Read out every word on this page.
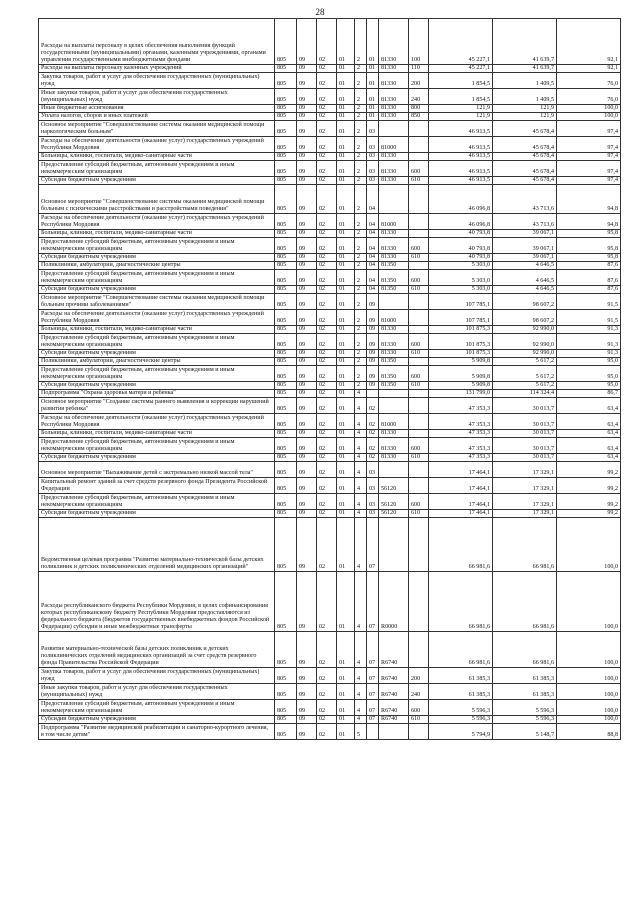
28
Расходы на выплаты персоналу в целях обеспечения выполнения функций государственными (муниципальными) органами, казенными учреждениями, органами управления государственными внебюджетными фондами	805	09	02	01	2	01	81330	100	45 227,1	41 639,7	92,1
Расходы на выплаты персоналу казенных учреждений	805	09	02	01	2	01	81330	110	45 227,1	41 639,7	92,1
Закупка товаров, работ и услуг для обеспечения государственных (муниципальных) нужд	805	09	02	01	2	01	81330	200	1 854,5	1 409,5	76,0
Иные закупки товаров, работ и услуг для обеспечения государственных (муниципальных) нужд	805	09	02	01	2	01	81330	240	1 854,5	1 409,5	76,0
Иные бюджетные ассигнования	805	09	02	01	2	01	81330	800	121,9	121,9	100,0
Уплата налогов, сборов и иных платежей	805	09	02	01	2	01	81330	850	121,9	121,9	100,0
Основное мероприятие "Совершенствование системы оказания медицинской помощи наркологическим больным"	805	09	02	01	2	03			46 913,5	45 678,4	97,4
Расходы на обеспечение деятельности (оказание услуг) государственных учреждений Республики Мордовия	805	09	02	01	2	03	81000		46 913,5	45 678,4	97,4
Больницы, клиники, госпитали, медико-санитарные части	805	09	02	01	2	03	81330		46 913,5	45 678,4	97,4
Предоставление субсидий бюджетным, автономным учреждениям и иным некоммерческим организациям	805	09	02	01	2	03	81330	600	46 913,5	45 678,4	97,4
Субсидии бюджетным учреждениям	805	09	02	01	2	03	81330	610	46 913,5	45 678,4	97,4
Основное мероприятие "Совершенствование системы оказания медицинской помощи больным с психическими расстройствами и расстройствами поведения"	805	09	02	01	2	04			46 096,8	43 713,6	94,8
Расходы на обеспечение деятельности (оказание услуг) государственных учреждений Республики Мордовия	805	09	02	01	2	04	81000		46 096,8	43 713,6	94,8
Больницы, клиники, госпитали, медико-санитарные части	805	09	02	01	2	04	81330		40 793,8	39 067,1	95,8
Предоставление субсидий бюджетным, автономным учреждениям и иным некоммерческим организациям	805	09	02	01	2	04	81330	600	40 793,8	39 067,1	95,8
Субсидии бюджетным учреждениям	805	09	02	01	2	04	81330	610	40 793,8	39 067,1	95,8
Поликлиники, амбулатории, диагностические центры	805	09	02	01	2	04	81350		5 303,0	4 646,5	87,6
Предоставление субсидий бюджетным, автономным учреждениям и иным некоммерческим организациям	805	09	02	01	2	04	81350	600	5 303,0	4 646,5	87,6
Субсидии бюджетным учреждениям	805	09	02	01	2	04	81350	610	5 303,0	4 646,5	87,6
Основное мероприятие "Совершенствование системы оказания медицинской помощи больным прочими заболеваниями"	805	09	02	01	2	09			107 785,1	98 607,2	91,5
Расходы на обеспечение деятельности (оказание услуг) государственных учреждений Республики Мордовия	805	09	02	01	2	09	81000		107 785,1	98 607,2	91,5
Больницы, клиники, госпитали, медико-санитарные части	805	09	02	01	2	09	81330		101 875,3	92 990,0	91,3
Предоставление субсидий бюджетным, автономным учреждениям и иным некоммерческим организациям	805	09	02	01	2	09	81330	600	101 875,3	92 990,0	91,3
Субсидии бюджетным учреждениям	805	09	02	01	2	09	81330	610	101 875,3	92 990,0	91,3
Поликлиники, амбулатории, диагностические центры	805	09	02	01	2	09	81350		5 909,8	5 617,2	95,0
Предоставление субсидий бюджетным, автономным учреждениям и иным некоммерческим организациям	805	09	02	01	2	09	81350	600	5 909,8	5 617,2	95,0
Субсидии бюджетным учреждениям	805	09	02	01	2	09	81350	610	5 909,8	5 617,2	95,0
Подпрограмма "Охрана здоровья матери и ребенка"	805	09	02	01	4				131 799,0	114 324,4	86,7
Основное мероприятие "Создание системы раннего выявления и коррекции нарушений развития ребенка"	805	09	02	01	4	02			47 353,3	30 013,7	63,4
Расходы на обеспечение деятельности (оказание услуг) государственных учреждений Республики Мордовия	805	09	02	01	4	02	81000		47 353,3	30 013,7	63,4
Больницы, клиники, госпитали, медико-санитарные части	805	09	02	01	4	02	81330		47 353,3	30 013,7	63,4
Предоставление субсидий бюджетным, автономным учреждениям и иным некоммерческим организациям	805	09	02	01	4	02	81330	600	47 353,3	30 013,7	63,4
Субсидии бюджетным учреждениям	805	09	02	01	4	02	81330	610	47 353,3	30 013,7	63,4
Основное мероприятие "Выхаживание детей с экстремально низкой массой тела"	805	09	02	01	4	03			17 464,1	17 329,1	99,2
Капитальный ремонт зданий за счет средств резервного фонда Президента Российской Федерации	805	09	02	01	4	03	56120		17 464,1	17 329,1	99,2
Предоставление субсидий бюджетным, автономным учреждениям и иным некоммерческим организациям	805	09	02	01	4	03	56120	600	17 464,1	17 329,1	99,2
Субсидии бюджетным учреждениям	805	09	02	01	4	03	56120	610	17 464,1	17 329,1	99,2
Ведомственная целевая программа "Развитие материально-технической базы детских поликлиник и детских поликлинических отделений медицинских организаций"	805	09	02	01	4	07			66 981,6	66 981,6	100,0
Расходы республиканского бюджета Республики Мордовия, в целях софинансирования которых республиканскому бюджету Республики Мордовия предоставляются из федерального бюджета (бюджетов государственных внебюджетных фондов Российской Федерации) субсидии и иные межбюджетные трансферты	805	09	02	01	4	07	R0000		66 981,6	66 981,6	100,0
Развитие материально-технической базы детских поликлиник и детских поликлинических отделений медицинских организаций за счет средств резервного фонда Правительства Российской Федерации	805	09	02	01	4	07	R6740		66 981,6	66 981,6	100,0
Закупка товаров, работ и услуг для обеспечения государственных (муниципальных) нужд	805	09	02	01	4	07	R6740	200	61 385,3	61 385,3	100,0
Иные закупки товаров, работ и услуг для обеспечения государственных (муниципальных) нужд	805	09	02	01	4	07	R6740	240	61 385,3	61 385,3	100,0
Предоставление субсидий бюджетным, автономным учреждениям и иным некоммерческим организациям	805	09	02	01	4	07	R6740	600	5 596,3	5 596,3	100,0
Субсидии бюджетным учреждениям	805	09	02	01	4	07	R6740	610	5 596,3	5 596,3	100,0
Подпрограмма "Развитие медицинской реабилитации и санаторно-курортного лечения, в том числе детям"	805	09	02	01	5				5 794,9	5 148,7	88,8
